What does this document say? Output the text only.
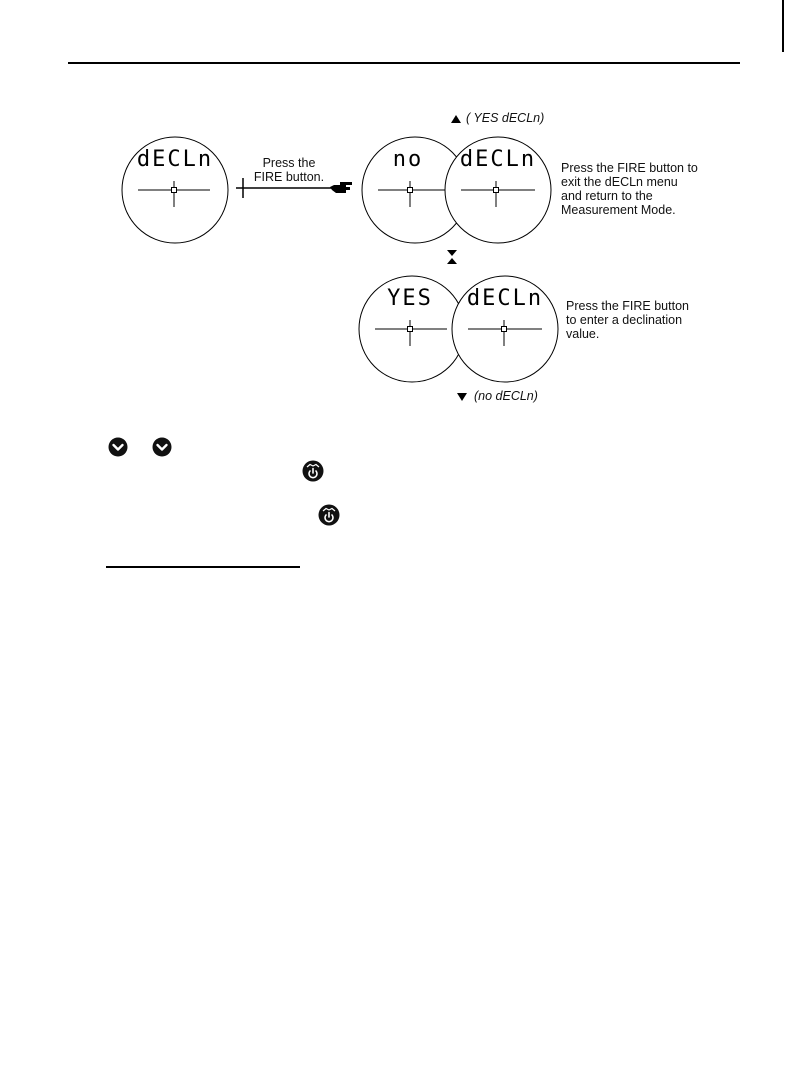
dECLn	Press the FIRE button.
( YES dECLn)
no dECLn Press the FIRE button to exit the dECLn menu and return to the Measurement Mode.
YES dECLn Press the FIRE button to enter a declination value.
(no dECLn)
